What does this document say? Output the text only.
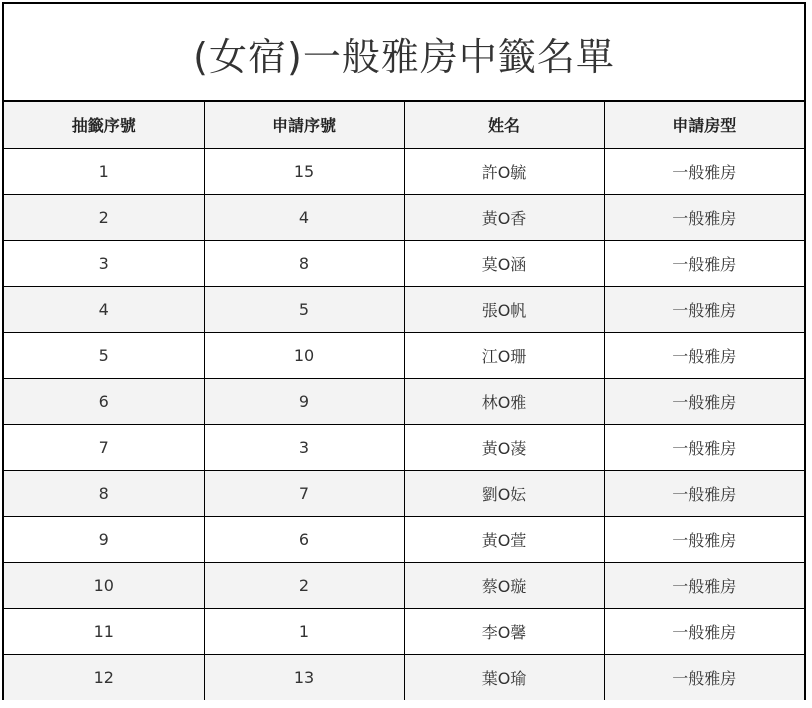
(女宿)一般雅房中籤名單
抽籤序號	申請序號	姓名	申請房型
1	15	許O毓	一般雅房
2	4	黃O香	一般雅房
3	8	莫O涵	一般雅房
4	5	張O帆	一般雅房
5	10	江O珊	一般雅房
6	9	林O雅	一般雅房
7	3	黃O蓤	一般雅房
8	7	劉O妘	一般雅房
9	6	黃O萱	一般雅房
10	2	蔡O璇	一般雅房
11	1	李O馨	一般雅房
12	13	葉O瑜	一般雅房
